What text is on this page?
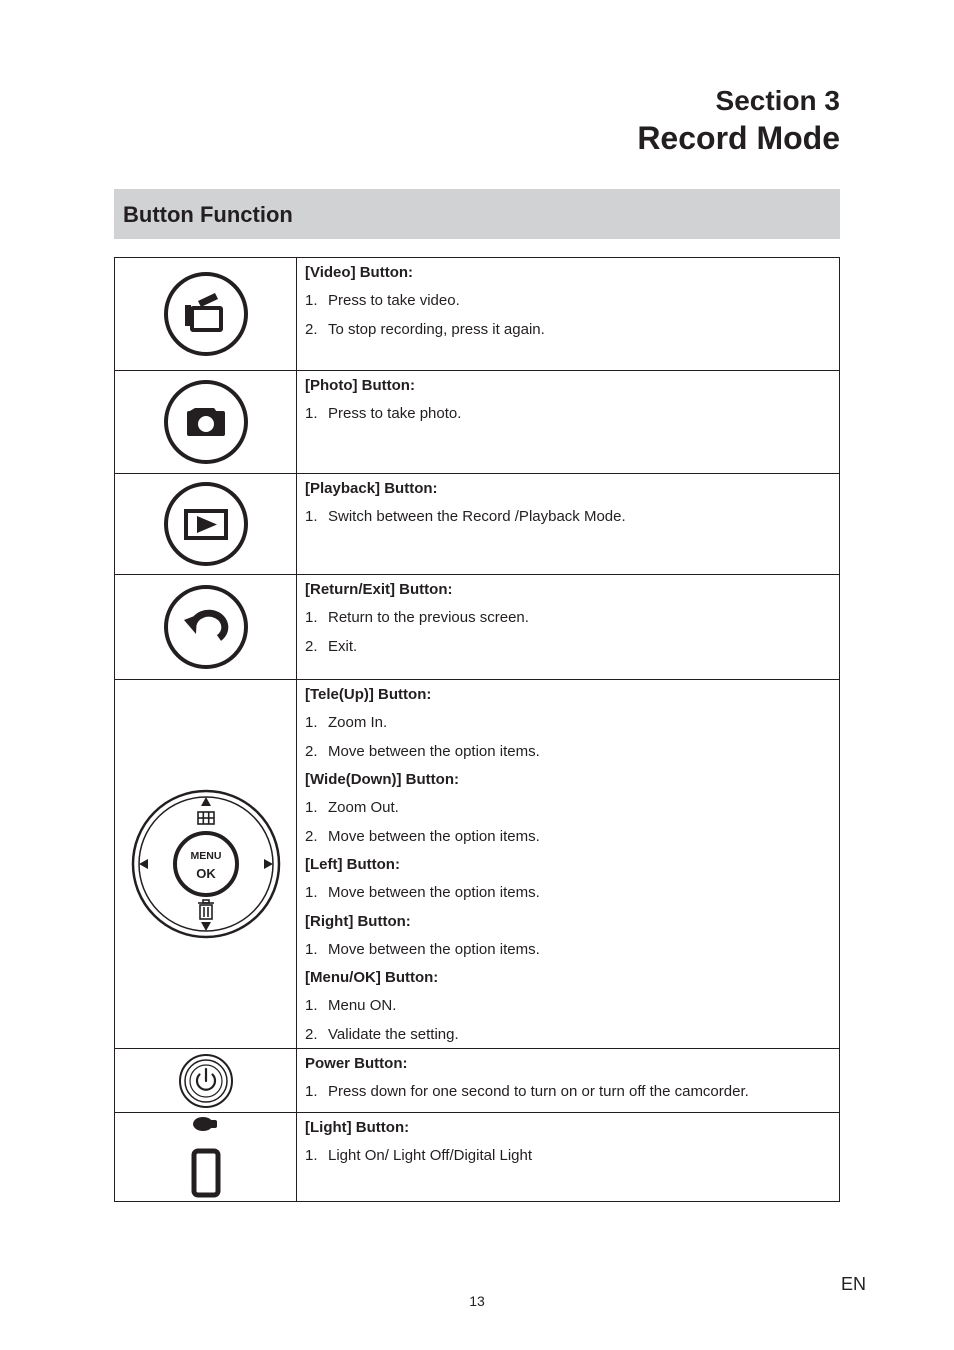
Section 3
Record Mode
Button Function
[Video] Button:
1. Press to take video.
2. To stop recording, press it again.
[Photo] Button:
1. Press to take photo.
[Playback] Button:
1. Switch between the Record /Playback Mode.
[Return/Exit] Button:
1. Return to the previous screen.
2. Exit.
MENU
OK
[Tele(Up)] Button:
1. Zoom In.
2. Move between the option items.
[Wide(Down)] Button:
1. Zoom Out.
2. Move between the option items.
[Left] Button:
1. Move between the option items.
[Right] Button:
1. Move between the option items.
[Menu/OK] Button:
1. Menu ON.
2. Validate the setting.
Power Button:
1. Press down for one second to turn on or turn off the camcorder.
[Light] Button:
1. Light On/ Light Off/Digital Light
EN
13
